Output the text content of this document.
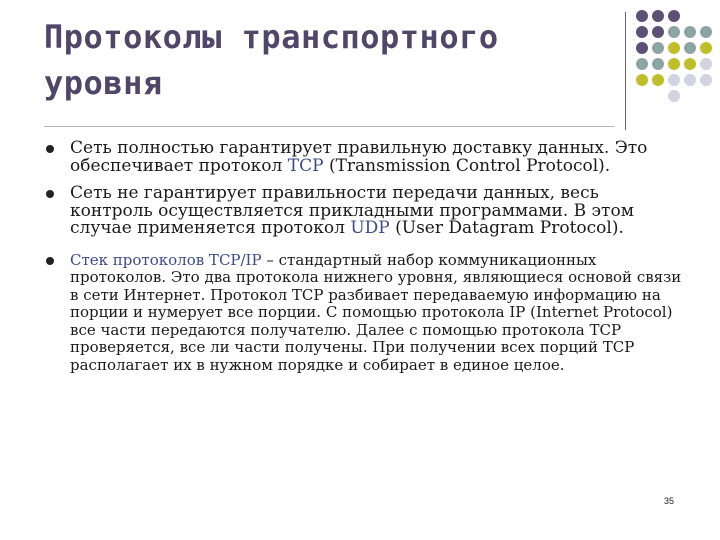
Протоколы транспортного уровня
Сеть полностью гарантирует правильную доставку данных. Это обеспечивает протокол TCP (Transmission Control Protocol).
Сеть не гарантирует правильности передачи данных, весь контроль осуществляется прикладными программами. В этом случае применяется протокол UDP (User Datagram Protocol).
Стек протоколов TCP/IP – стандартный набор коммуникационных протоколов. Это два протокола нижнего уровня, являющиеся основой связи в сети Интернет. Протокол TCP разбивает передаваемую информацию на порции и нумерует все порции. С помощью протокола IP (Internet Protocol) все части передаются получателю. Далее с помощью протокола TCP проверяется, все ли части получены. При получении всех порций TCP располагает их в нужном порядке и собирает в единое целое.
35
